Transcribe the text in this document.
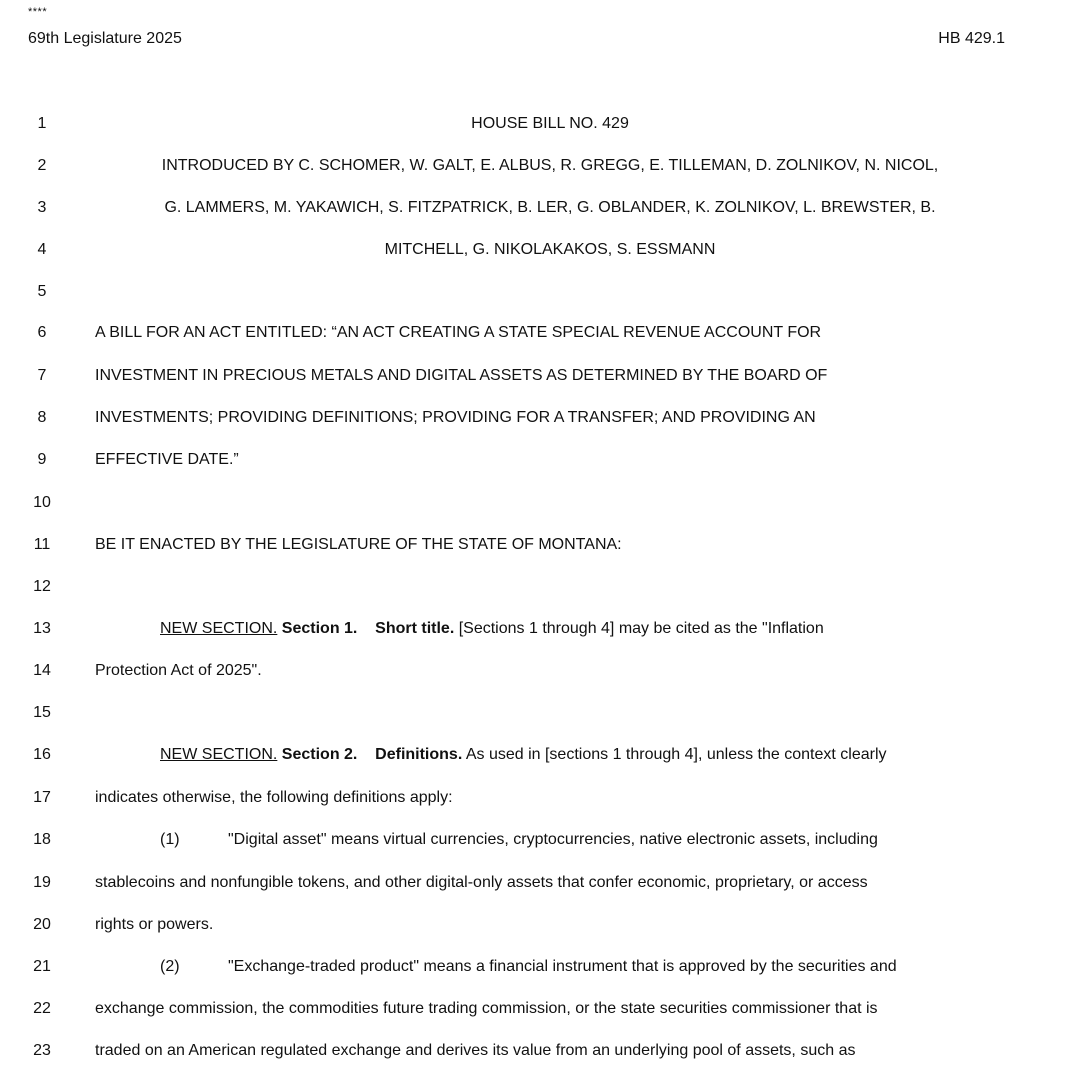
****
69th Legislature 2025	HB 429.1
1	HOUSE BILL NO. 429
2	INTRODUCED BY C. SCHOMER, W. GALT, E. ALBUS, R. GREGG, E. TILLEMAN, D. ZOLNIKOV, N. NICOL,
3	G. LAMMERS, M. YAKAWICH, S. FITZPATRICK, B. LER, G. OBLANDER, K. ZOLNIKOV, L. BREWSTER, B.
4	MITCHELL, G. NIKOLAKAKOS, S. ESSMANN
5
6	A BILL FOR AN ACT ENTITLED: “AN ACT CREATING A STATE SPECIAL REVENUE ACCOUNT FOR
7	INVESTMENT IN PRECIOUS METALS AND DIGITAL ASSETS AS DETERMINED BY THE BOARD OF
8	INVESTMENTS; PROVIDING DEFINITIONS; PROVIDING FOR A TRANSFER; AND PROVIDING AN
9	EFFECTIVE DATE.”
10
11	BE IT ENACTED BY THE LEGISLATURE OF THE STATE OF MONTANA:
12
13	NEW SECTION. Section 1. Short title. [Sections 1 through 4] may be cited as the "Inflation
14	Protection Act of 2025".
15
16	NEW SECTION. Section 2. Definitions. As used in [sections 1 through 4], unless the context clearly
17	indicates otherwise, the following definitions apply:
18	(1)	"Digital asset" means virtual currencies, cryptocurrencies, native electronic assets, including
19	stablecoins and nonfungible tokens, and other digital-only assets that confer economic, proprietary, or access
20	rights or powers.
21	(2)	"Exchange-traded product" means a financial instrument that is approved by the securities and
22	exchange commission, the commodities future trading commission, or the state securities commissioner that is
23	traded on an American regulated exchange and derives its value from an underlying pool of assets, such as
